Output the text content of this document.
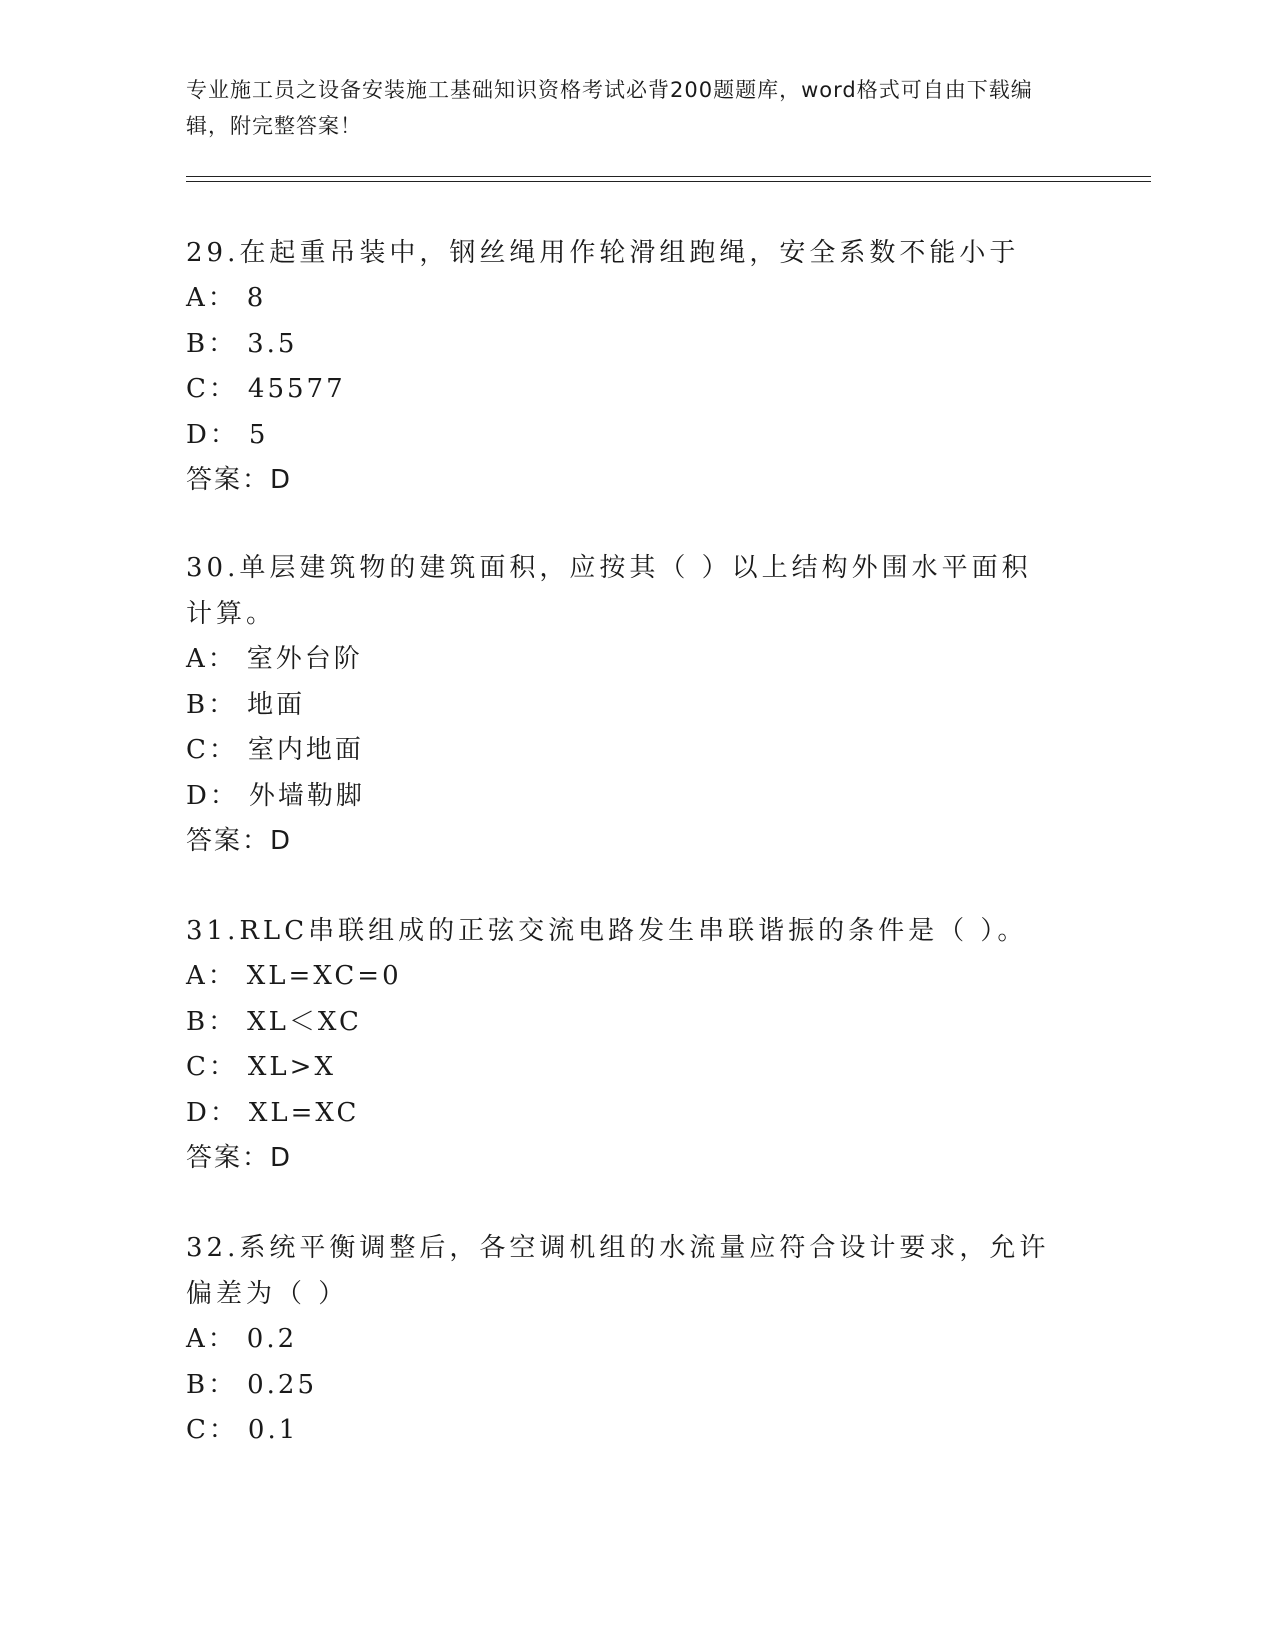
专业施工员之设备安装施工基础知识资格考试必背200题题库，word格式可自由下载编辑，附完整答案！

29.在起重吊装中，钢丝绳用作轮滑组跑绳，安全系数不能小于

A： 8

B： 3.5

C： 45577

D： 5

答案：D

30.单层建筑物的建筑面积，应按其（ ）以上结构外围水平面积计算。

A： 室外台阶

B： 地面

C： 室内地面

D： 外墙勒脚

答案：D

31.RLC串联组成的正弦交流电路发生串联谐振的条件是（ ）。

A： XL=XC=0

B： XL＜XC

C： XL>X

D： XL=XC

答案：D

32.系统平衡调整后，各空调机组的水流量应符合设计要求，允许偏差为（ ）

A： 0.2

B： 0.25

C： 0.1
